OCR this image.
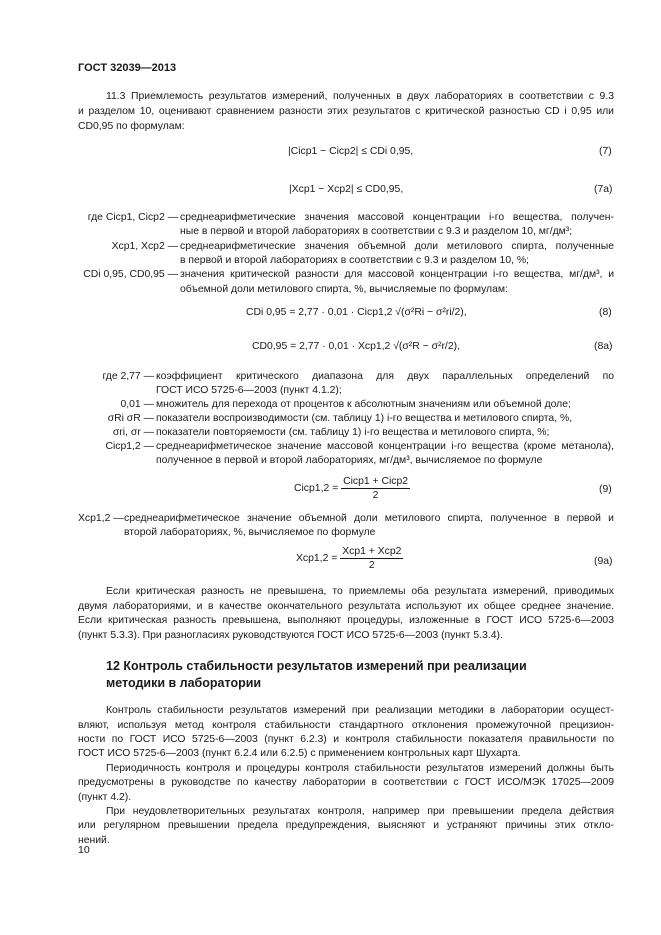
ГОСТ 32039—2013
11.3 Приемлемость результатов измерений, полученных в двух лабораториях в соответствии с 9.3
и разделом 10, оценивают сравнением разности этих результатов с критической разностью CD i 0,95 или
CD0,95 по формулам:
|Ciср1 − Ciср2| ≤ CDi 0,95,	(7)
|Xср1 − Xср2| ≤ CD0,95,	(7a)
где Ciср1, Ciср2 — среднеарифметические значения массовой концентрации i-го вещества, получен-
ные в первой и второй лабораториях в соответствии с 9.3 и разделом 10, мг/дм³;
Xср1, Xср2 — среднеарифметические значения объемной доли метилового спирта, полученные
в первой и второй лабораториях в соответствии с 9.3 и разделом 10, %;
CDi 0,95, CD0,95 — значения критической разности для массовой концентрации i-го вещества, мг/дм³, и
объемной доли метилового спирта, %, вычисляемые по формулам:
CDi 0,95 = 2,77 · 0,01 · Ciср1,2 √(σ²Ri − σ²ri/2),	(8)
CD0,95 = 2,77 · 0,01 · Xср1,2 √(σ²R − σ²r/2),	(8a)
где 2,77 — коэффициент критического диапазона для двух параллельных определений по
ГОСТ ИСО 5725-6—2003 (пункт 4.1.2);
0,01 — множитель для перехода от процентов к абсолютным значениям или объемной доле;
σRi σR — показатели воспроизводимости (см. таблицу 1) i-го вещества и метилового спирта, %,
σri, σr — показатели повторяемости (см. таблицу 1) i-го вещества и метилового спирта, %;
Ciср1,2 — среднеарифметическое значение массовой концентрации i-го вещества (кроме метанола),
полученное в первой и второй лабораториях, мг/дм³, вычисляемое по формуле
Ciср1,2 = $\frac{\text{Ciср1 + Ciср2}}{2}$	(9)
Xср1,2 — среднеарифметическое значение объемной доли метилового спирта, полученное в первой и
второй лабораториях, %, вычисляемое по формуле
$Xср1,2 = \frac{\text{Xср1 + Xср2}}{2}$	(9a)
Если критическая разность не превышена, то приемлемы оба результата измерений, приводимых
двумя лабораториями, и в качестве окончательного результата используют их общее среднее значение.
Если критическая разность превышена, выполняют процедуры, изложенные в ГОСТ ИСО 5725-6—2003
(пункт 5.3.3). При разногласиях руководствуются ГОСТ ИСО 5725-6—2003 (пункт 5.3.4).
12 Контроль стабильности результатов измерений при реализации
методики в лаборатории
Контроль стабильности результатов измерений при реализации методики в лаборатории осущест-
вляют, используя метод контроля стабильности стандартного отклонения промежуточной прецизион-
ности по ГОСТ ИСО 5725-6—2003 (пункт 6.2.3) и контроля стабильности показателя правильности по
ГОСТ ИСО 5725-6—2003 (пункт 6.2.4 или 6.2.5) с применением контрольных карт Шухарта.
Периодичность контроля и процедуры контроля стабильности результатов измерений должны быть
предусмотрены в руководстве по качеству лаборатории в соответствии с ГОСТ ИСО/МЭК 17025—2009
(пункт 4.2).
При неудовлетворительных результатах контроля, например при превышении предела действия
или регулярном превышении предела предупреждения, выясняют и устраняют причины этих откло-
нений.
10
